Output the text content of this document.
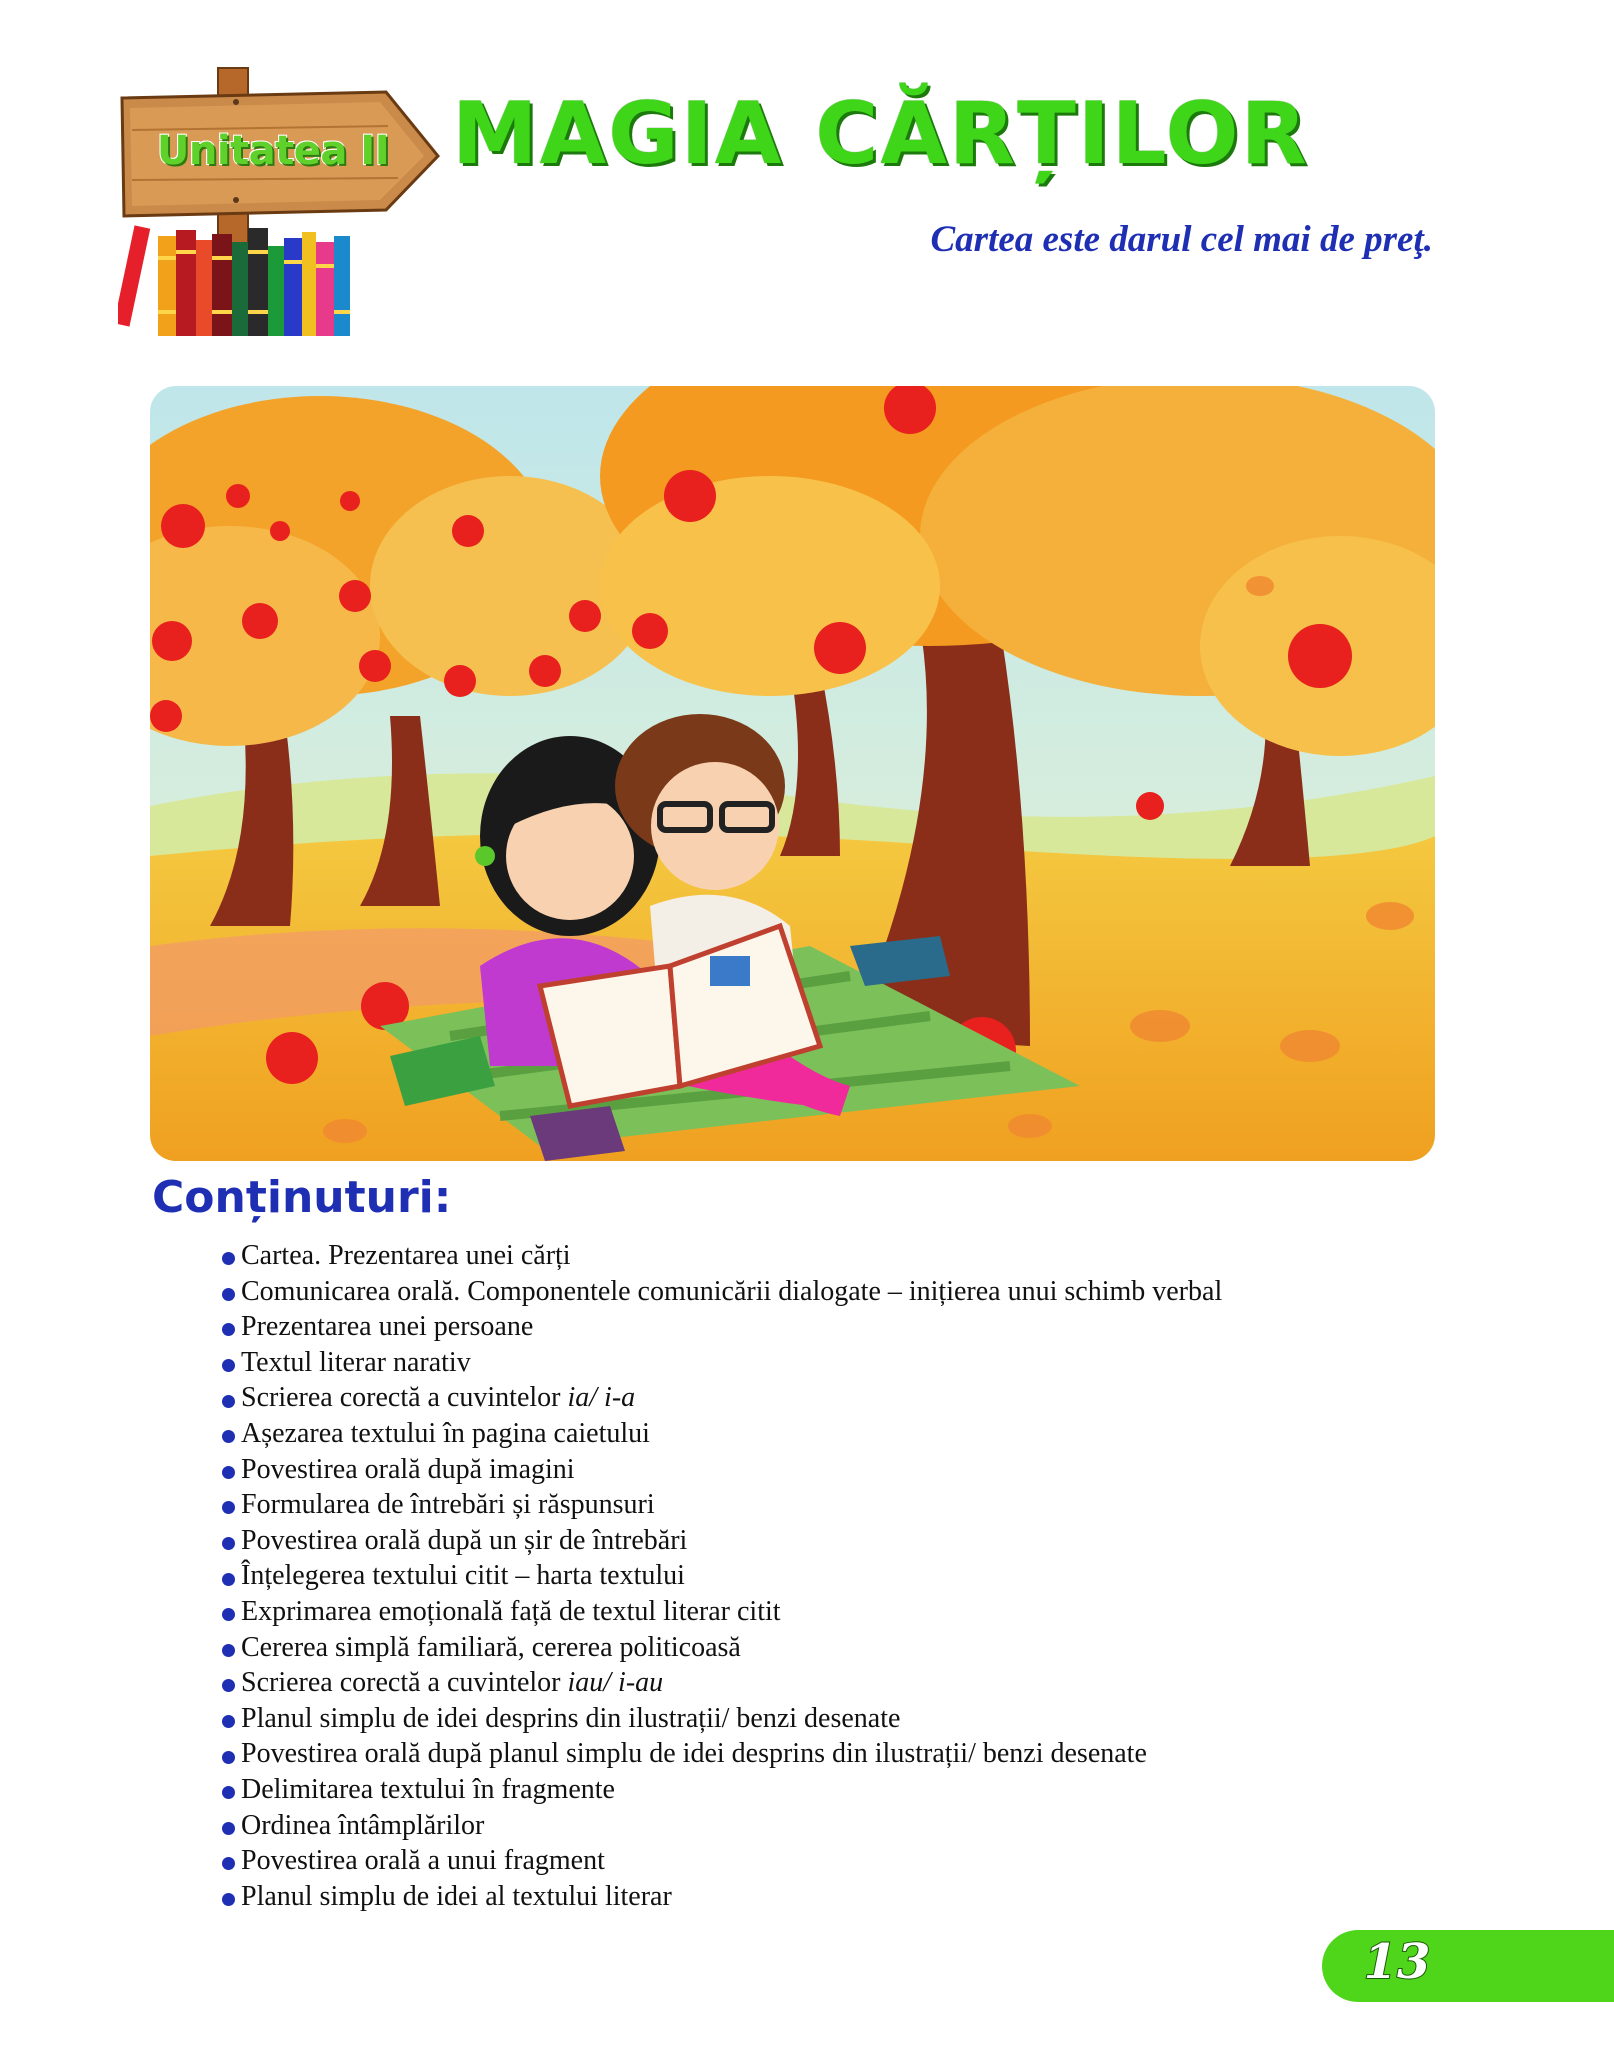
Unitatea II MAGIA CĂRȚILOR
Cartea este darul cel mai de preţ.
Conținuturi:
Cartea. Prezentarea unei cărți
Comunicarea orală. Componentele comunicării dialogate – inițierea unui schimb verbal
Prezentarea unei persoane
Textul literar narativ
Scrierea corectă a cuvintelor ia/ i-a
Așezarea textului în pagina caietului
Povestirea orală după imagini
Formularea de întrebări și răspunsuri
Povestirea orală după un șir de întrebări
Înțelegerea textului citit – harta textului
Exprimarea emoțională față de textul literar citit
Cererea simplă familiară, cererea politicoasă
Scrierea corectă a cuvintelor iau/ i-au
Planul simplu de idei desprins din ilustrații/ benzi desenate
Povestirea orală după planul simplu de idei desprins din ilustrații/ benzi desenate
Delimitarea textului în fragmente
Ordinea întâmplărilor
Povestirea orală a unui fragment
Planul simplu de idei al textului literar
13
